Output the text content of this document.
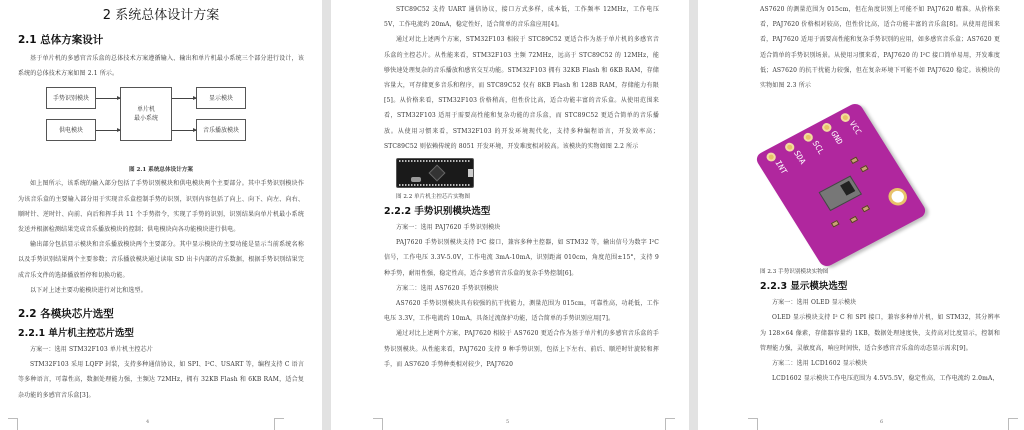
2 系统总体设计方案
2.1 总体方案设计

基于单片机的多感官音乐盒的总体技术方案遵循输入、输出和单片机最小系统三个部分进行设计，该系统的总体技术方案如图 2.1 所示。

手势识别模块
供电模块
单片机
最小系统
显示模块
音乐播放模块
图 2.1 系统总体设计方案

如上图所示，该系统的输入部分包括了手势识别模块和供电模块两个主要部分。其中手势识别模块作为该音乐盒的主要输入部分用于实现音乐盒控制手势的识别，识别内容包括了向上、向下、向左、向右、顺时针、逆时针、向前、向后和挥手共 11 个手势指令，实现了手势的识别，识别结果向单片机最小系统发送并根据检测结果完成音乐播放模块的控制；供电模块向各功能模块进行供电。

输出部分包括显示模块和音乐播放模块两个主要部分。其中显示模块的主要功能是显示当前系统名称以及手势识别结果两个主要参数；音乐播放模块通过读取 SD 出卡内部的音乐数据，根据手势识别结果完成音乐文件的选择播放暂停和切换功能。

以下对上述主要功能模块进行对比和选型。

2.2 各模块芯片选型
2.2.1 单片机主控芯片选型

方案一：选用 STM32F103 单片机主控芯片

STM32F103 采用 LQFP 封装，支持多种通信协议，如 SPI、I²C、USART 等，编程支持 C 语言等多种语言，可靠性高，数据处理能力强，主频达 72MHz，拥有 32KB Flash 和 6KB RAM，适合复杂功能的多感官音乐盒[3]。

4

STC89C52 支持 UART 通信协议，接口方式多样，成本低，工作频率 12MHz，工作电压 5V，工作电流约 20mA，稳定性好，适合简单的音乐盒应用[4]。

通过对比上述两个方案，STM32F103 相较于 STC89C52 更适合作为基于单片机的多感官音乐盒的主控芯片。从性能来看，STM32F103 主频 72MHz，远高于 STC89C52 的 12MHz，能够快速处理复杂的音乐播放和感官交互功能。STM32F103 拥有 32KB Flash 和 6KB RAM，存储容量大，可存储更多音乐和程序，而 STC89C52 仅有 8KB Flash 和 128B RAM，存储能力有限[5]。从价格来看，STM32F103 价格稍高，但性价比高，适合功能丰富的音乐盒。从使用范围来看，STM32F103 适用于需要高性能和复杂功能的音乐盒，而 STC89C52 更适合简单的音乐播放。从使用习惯来看，STM32F103 的开发环境现代化，支持多种编程语言，开发效率高；STC89C52 则依赖传统的 8051 开发环境，开发难度相对较高。该模块的实物如图 2.2 所示

图 2.2 单片机主控芯片实物图
2.2.2 手势识别模块选型

方案一：选用 PAJ7620 手势识别模块

PAJ7620 手势识别模块支持 I²C 接口，兼容多种主控器，如 STM32 等，输出信号为数字 I²C 信号，工作电压 3.3V-5.0V，工作电流 3mA-10mA，识别距离 010cm，角度范围±15°，支持 9 种手势，耐用性强，稳定性高，适合多感官音乐盒的复杂手势控制[6]。

方案二：选用 AS7620 手势识别模块

AS7620 手势识别模块具有较强的抗干扰能力，测量范围为 015cm，可靠性高，功耗低，工作电压 3.3V，工作电流约 10mA，具备过流保护功能，适合简单的手势识别应用[7]。

通过对比上述两个方案，PAJ7620 相较于 AS7620 更适合作为基于单片机的多感官音乐盒的手势识别模块。从性能来看，PAJ7620 支持 9 种手势识别，包括上下左右、前后、顺逆时针旋转和挥手，而 AS7620 手势种类相对较少，PAJ7620

5

AS7620 的测量范围为 015cm，但在角度识别上可能不如 PAJ7620 精准。从价格来看，PAJ7620 价格相对较高，但性价比高，适合功能丰富的音乐盒[8]。从使用范围来看，PAJ7620 适用于需要高性能和复杂手势识别的应用，如多感官音乐盒；AS7620 更适合简单的手势识别场景。从使用习惯来看，PAJ7620 的 I²C 接口简单易用，开发难度低；AS7620 的抗干扰能力较强，但在复杂环境下可能不如 PAJ7620 稳定。该模块的实物如图 2.3 所示

INT
SDA
SCL
GND
VCC
图 2.3 手势识别模块实物图
2.2.3 显示模块选型

方案一：选用 OLED 显示模块

OLED 显示模块支持 I² C 和 SPI 接口，兼容多种单片机，如 STM32，其分辨率为 128×64 像素，存储器容量约 1KB，数据处理速度快，支持高对比度显示，控制和管理能力强，灵敏度高，响应时间快，适合多感官音乐盒的动态显示需求[9]。

方案二：选用 LCD1602 显示模块

LCD1602 显示模块工作电压范围为 4.5V5.5V，稳定性高，工作电流约 2.0mA，

6
